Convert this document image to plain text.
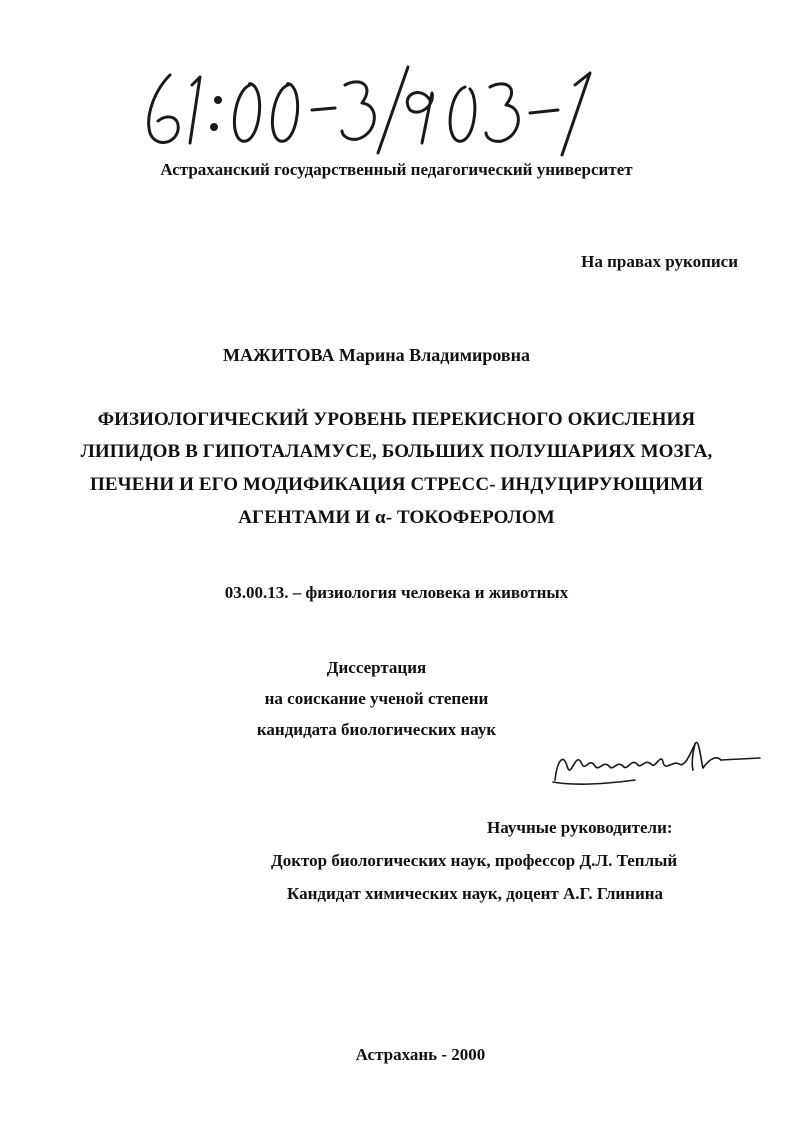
Астраханский государственный педагогический университет
На правах рукописи
МАЖИТОВА Марина Владимировна
ФИЗИОЛОГИЧЕСКИЙ УРОВЕНЬ ПЕРЕКИСНОГО ОКИСЛЕНИЯ
ЛИПИДОВ В ГИПОТАЛАМУСЕ, БОЛЬШИХ ПОЛУШАРИЯХ МОЗГА,
ПЕЧЕНИ И ЕГО МОДИФИКАЦИЯ СТРЕСС- ИНДУЦИРУЮЩИМИ
АГЕНТАМИ И α- ТОКОФЕРОЛОМ
03.00.13. – физиология человека и животных
Диссертация
на соискание ученой степени
кандидата биологических наук
Научные руководители:
Доктор биологических наук, профессор Д.Л. Теплый
Кандидат химических наук, доцент А.Г. Глинина
Астрахань - 2000
